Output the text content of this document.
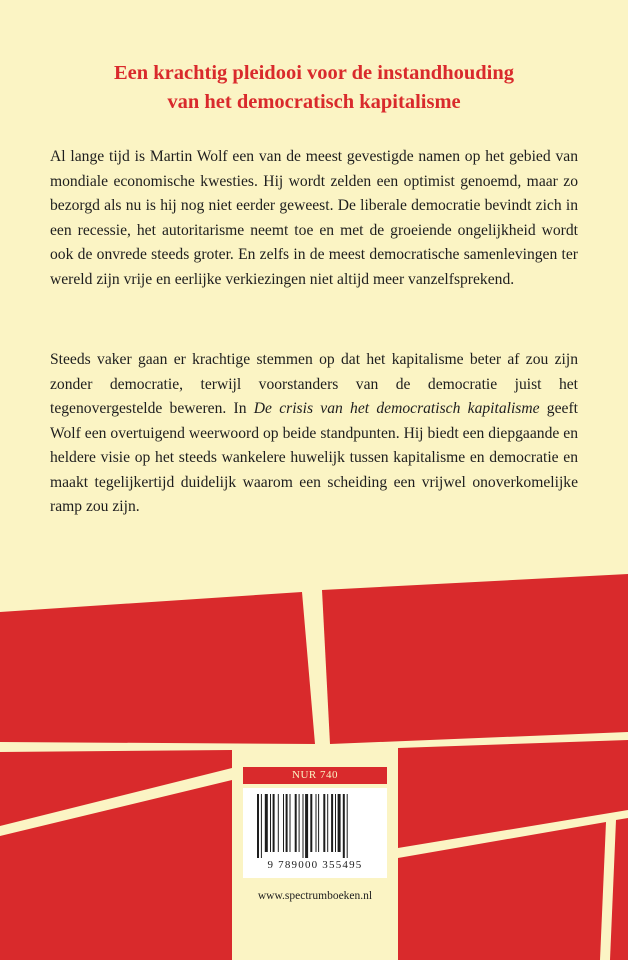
Een krachtig pleidooi voor de instandhouding
van het democratisch kapitalisme

Al lange tijd is Martin Wolf een van de meest gevestigde namen op het gebied van mondiale economische kwesties. Hij wordt zelden een optimist genoemd, maar zo bezorgd als nu is hij nog niet eerder geweest. De liberale democratie bevindt zich in een recessie, het autoritarisme neemt toe en met de groeiende ongelijkheid wordt ook de onvrede steeds groter. En zelfs in de meest democratische samenlevingen ter wereld zijn vrije en eerlijke verkiezingen niet altijd meer vanzelfsprekend.

Steeds vaker gaan er krachtige stemmen op dat het kapitalisme beter af zou zijn zonder democratie, terwijl voorstanders van de democratie juist het tegenovergestelde beweren. In De crisis van het democratisch kapitalisme geeft Wolf een overtuigend weerwoord op beide standpunten. Hij biedt een diepgaande en heldere visie op het steeds wankelere huwelijk tussen kapitalisme en democratie en maakt tegelijkertijd duidelijk waarom een scheiding een vrijwel onoverkomelijke ramp zou zijn.

NUR 740
9 789000 355495
www.spectrumboeken.nl
